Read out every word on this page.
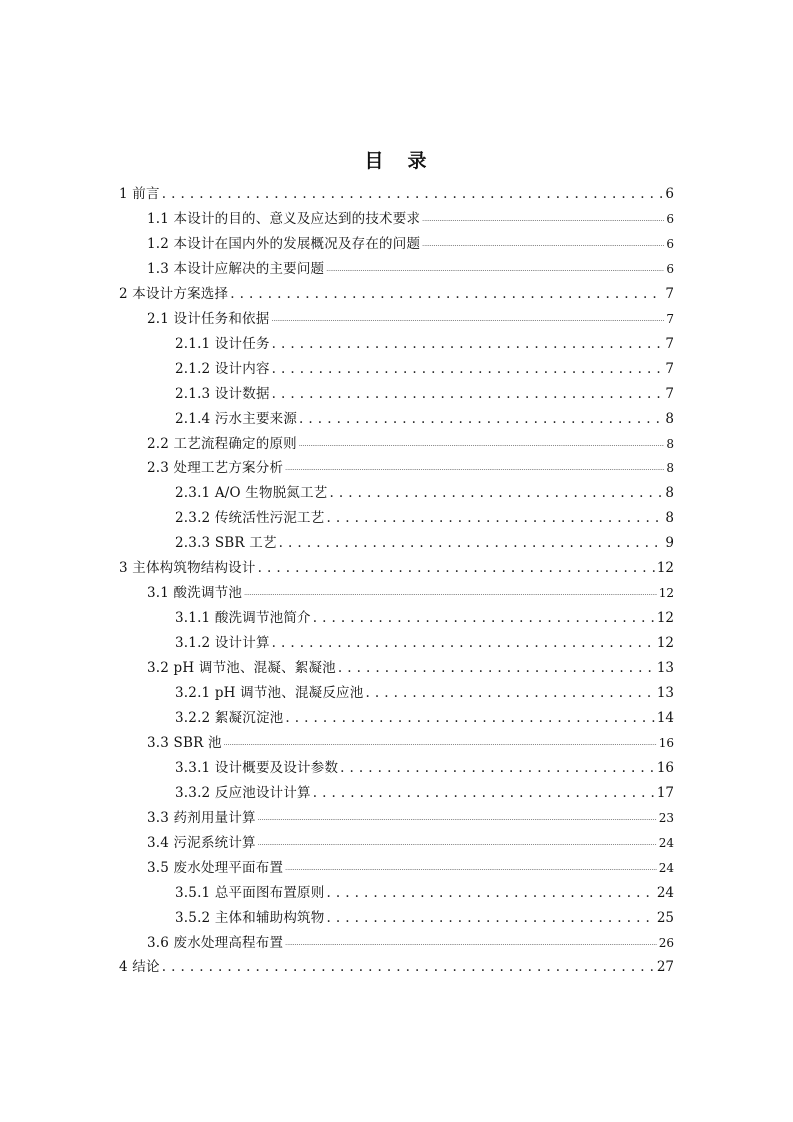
目 录
1 前言 . . .	6
1.1 本设计的目的、意义及应达到的技术要求 .....	6
1.2 本设计在国内外的发展概况及存在的问题 .....	6
1.3 本设计应解决的主要问题 .....	6
2 本设计方案选择 . . .	7
2.1 设计任务和依据 .....	7
2.1.1 设计任务 . . .	7
2.1.2 设计内容 . . .	7
2.1.3 设计数据 . . .	7
2.1.4 污水主要来源 . . .	8
2.2 工艺流程确定的原则 .....	8
2.3 处理工艺方案分析 .....	8
2.3.1 A/O 生物脱氮工艺 . . .	8
2.3.2 传统活性污泥工艺 . . .	8
2.3.3 SBR 工艺 . . .	9
3 主体构筑物结构设计 . . .	12
3.1 酸洗调节池 .....	12
3.1.1 酸洗调节池简介 . . .	12
3.1.2 设计计算 . . .	12
3.2 pH 调节池、混凝、絮凝池 . . .	13
3.2.1 pH 调节池、混凝反应池 . . .	13
3.2.2 絮凝沉淀池 . . .	14
3.3 SBR 池 .....	16
3.3.1 设计概要及设计参数 . . .	16
3.3.2 反应池设计计算 . . .	17
3.3 药剂用量计算 .....	23
3.4 污泥系统计算 .....	24
3.5 废水处理平面布置 .....	24
3.5.1 总平面图布置原则 . . .	24
3.5.2 主体和辅助构筑物 . . .	25
3.6 废水处理高程布置 .....	26
4 结论 . . .	27
